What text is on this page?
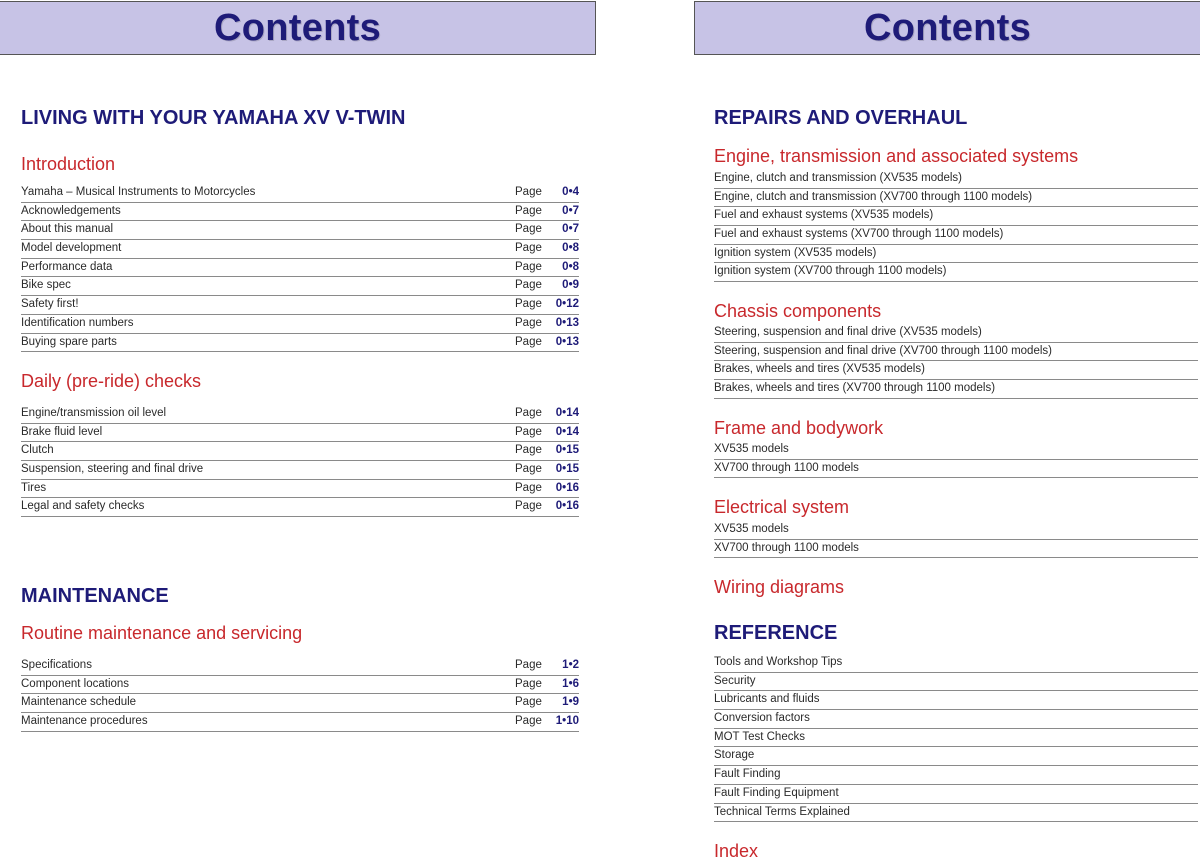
Contents
LIVING WITH YOUR YAMAHA XV V-TWIN
Introduction
Yamaha – Musical Instruments to Motorcycles	Page 0•4
Acknowledgements	Page 0•7
About this manual	Page 0•7
Model development	Page 0•8
Performance data	Page 0•8
Bike spec	Page 0•9
Safety first!	Page 0•12
Identification numbers	Page 0•13
Buying spare parts	Page 0•13
Daily (pre-ride) checks
Engine/transmission oil level	Page 0•14
Brake fluid level	Page 0•14
Clutch	Page 0•15
Suspension, steering and final drive	Page 0•15
Tires	Page 0•16
Legal and safety checks	Page 0•16
MAINTENANCE
Routine maintenance and servicing
Specifications	Page 1•2
Component locations	Page 1•6
Maintenance schedule	Page 1•9
Maintenance procedures	Page 1•10
Contents
REPAIRS AND OVERHAUL
Engine, transmission and associated systems
Engine, clutch and transmission (XV535 models)
Engine, clutch and transmission (XV700 through 1100 models)
Fuel and exhaust systems (XV535 models)
Fuel and exhaust systems (XV700 through 1100 models)
Ignition system (XV535 models)
Ignition system (XV700 through 1100 models)
Chassis components
Steering, suspension and final drive (XV535 models)
Steering, suspension and final drive (XV700 through 1100 models)
Brakes, wheels and tires (XV535 models)
Brakes, wheels and tires (XV700 through 1100 models)
Frame and bodywork
XV535 models
XV700 through 1100 models
Electrical system
XV535 models
XV700 through 1100 models
Wiring diagrams
REFERENCE
Tools and Workshop Tips
Security
Lubricants and fluids
Conversion factors
MOT Test Checks
Storage
Fault Finding
Fault Finding Equipment
Technical Terms Explained
Index
